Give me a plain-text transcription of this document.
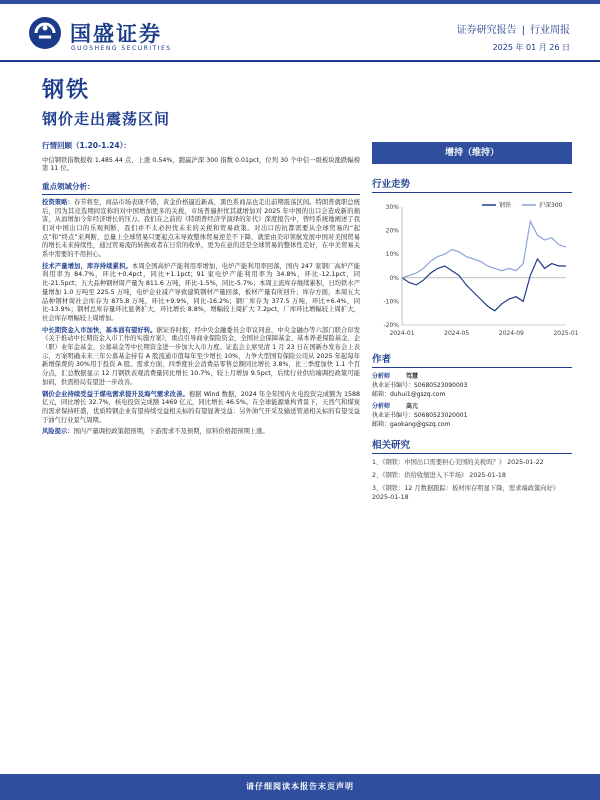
国盛证券
GUOSHENG SECURITIES
证券研究报告 | 行业周报
2025 年 01 月 26 日
钢铁
钢价走出震荡区间
行情回顾（1.20-1.24）：
中信钢铁指数报收 1,485.44 点，上涨 0.54%，跑赢沪深 300 指数 0.01pct，位列 30 个中信一级板块涨跌幅榜第 11 位。
重点领域分析：
投资策略：春节将至，商品市场表现不错，黄金价格逼近新高，黑色系商品也走出前期震荡区间。特朗普就职总统后，因为其竞选期间宣称的对中国增加更多的关税，市场普遍担忧其就增加对 2025 年中国的出口会造成新的损害，从而增加今年经济增长的压力。我们在之前的《特朗普经济学演绎的年代》深度报告中，曾经系统地阐述了我们对中国出口的乐观判断，我们并不太必担忧未来的关税和贸易政策。对出口的抗都需要从全球贸易的“起点”和“终点”来判断，总量上全球贸易只要起点未导致整体贸易逆差不下降，就需由美印领航发展中国对美国贸易的增长未来持续性，通过贸易流的转换或者在日常的收单，更为在意的还是全球贸易的整体性走好，在中美贸易关系中需要的不用担心。
技术产量增加，库存持续累积。本周全国高炉产能利用率增加，电炉产能利用率回落，国内 247 家钢厂高炉产能利用率为 84.7%，环比+0.4pct，同比+1.1pct；91 家电炉产能利用率为 34.8%，环比-12.1pct，同比-21.5pct；五大品种钢材周产量为 811.6 万吨，环比-1.5%，同比-5.7%；本周主流库存继续累积，日均铁水产量增加 1.0 万吨至 225.5 万吨，电炉企业减产导致建筑钢材产量回落，板材产量有所回升；库存方面，本周五大品种钢材周社会库存为 875.8 万吨，环比+9.9%，同比-16.2%；钢厂库存为 377.5 万吨，环比+6.4%，同比-13.9%；钢材总库存量环比显著扩大，环比增长 8.8%，增幅较上周扩大 7.2pct，厂库环比增幅较上周扩大，社会库存增幅较上周增加。
中长期资金入市加快，基本面有望好转。据证券时报，经中央金融委员会审议同意，中央金融办等六部门联合印发《关于推动中长期资金入市工作的实施方案》，重点引导商业保险资金、全国社会保障基金、基本养老保险基金、企（职）业年金基金、公募基金等中长期资金进一步加大入市力度。证监会主席吴清 1 月 23 日在国新办发布会上表示，方案明确未来三年公募基金持有 A 股流通市值每年至少增长 10%，力争大型国有保险公司从 2025 年起每年新增保费的 30%用于投资 A 股。需求方面，四季度社会消费品零售总额同比增长 3.8%，比三季度加快 1.1 个百分点，汇总数据显示 12 月钢铁表观消费量同比增长 10.7%，较上月增加 9.5pct，后续行业供给端调控政策可能加码，供需格局有望进一步改善。
钢价企业持续受益于煤电需求提升及海气需求改善。根据 Wind 数据，2024 年全年国内火电投资完成额为 1588 亿元，同比增长 32.7%，核电投资完成额 1469 亿元，同比增长 46.5%。在全球能源重构背景下，天然气和煤炭的需求保持旺盛，优质特钢企业有望持续受益相关标的有望显著受益：另外油气开采及输送管道相关标的有望受益于油气行业景气周期。
风险提示：国内产量调控政策超预期，下游需求不及预期，原料价格超预期上涨。
增持（维持）
行业走势
30%
20%
10%
0%
-10%
-20%
2024-01	2024-05	2024-09	2025-01
钢铁	沪深300
作者
分析师	笃慧
执业证书编号：S0680523090003
邮箱：duhui1@gszq.com
分析师	高亢
执业证书编号：S0680523020001
邮箱：gaokang@gszq.com
相关研究
1、《钢铁：中国出口需要担心美国的关税吗？》 2025-01-22
2、《钢铁：供给收缩进入下半场》 2025-01-18
3、《钢铁：12 月数据跟踪：板材库存明显下降，需求端政策向好》 2025-01-18
请仔细阅读本报告末页声明
